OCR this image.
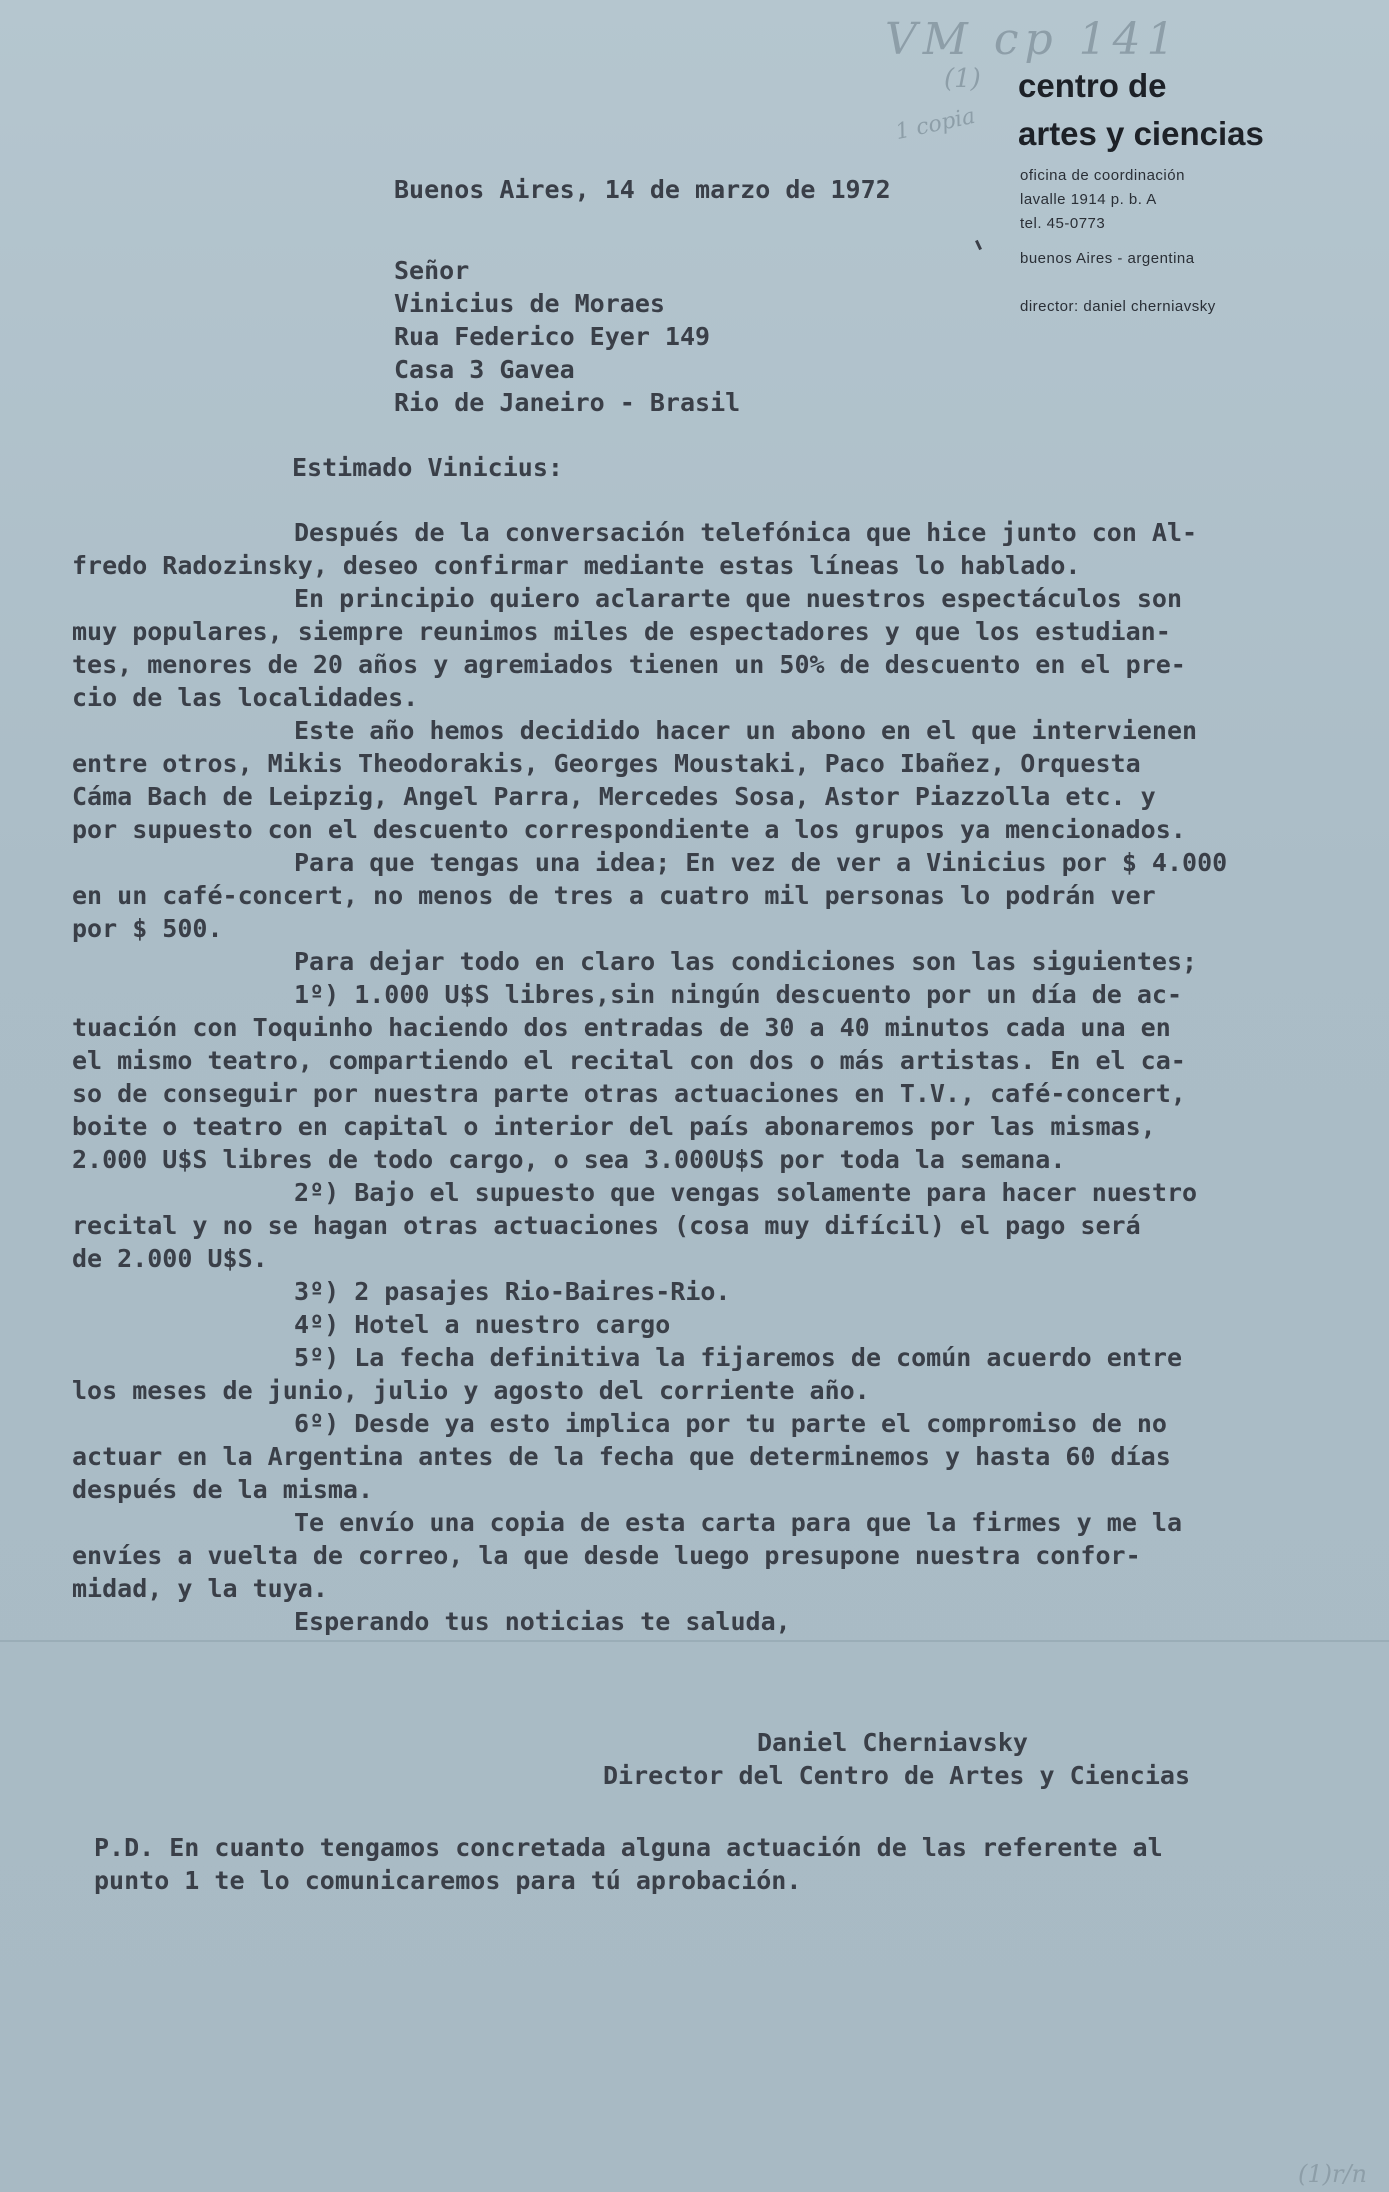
VM cp 141
(1)
1 copia
(1)r/n
centro de
artes y ciencias
oficina de coordinación
lavalle 1914 p. b. A
tel. 45-0773
buenos Aires - argentina
director: daniel cherniavsky
Buenos Aires, 14 de marzo de 1972
Señor
Vinicius de Moraes
Rua Federico Eyer 149
Casa 3 Gavea
Rio de Janeiro - Brasil
Estimado Vinicius:
Después de la conversación telefónica que hice junto con Al-
fredo Radozinsky, deseo confirmar mediante estas líneas lo hablado.
En principio quiero aclararte que nuestros espectáculos son
muy populares, siempre reunimos miles de espectadores y que los estudian-
tes, menores de 20 años y agremiados tienen un 50% de descuento en el pre-
cio de las localidades.
Este año hemos decidido hacer un abono en el que intervienen
entre otros, Mikis Theodorakis, Georges Moustaki, Paco Ibañez, Orquesta
Cáma Bach de Leipzig, Angel Parra, Mercedes Sosa, Astor Piazzolla etc. y
por supuesto con el descuento correspondiente a los grupos ya mencionados.
Para que tengas una idea; En vez de ver a Vinicius por $ 4.000
en un café-concert, no menos de tres a cuatro mil personas lo podrán ver
por $ 500.
Para dejar todo en claro las condiciones son las siguientes;
1º) 1.000 U$S libres,sin ningún descuento por un día de ac-
tuación con Toquinho haciendo dos entradas de 30 a 40 minutos cada una en
el mismo teatro, compartiendo el recital con dos o más artistas. En el ca-
so de conseguir por nuestra parte otras actuaciones en T.V., café-concert,
boite o teatro en capital o interior del país abonaremos por las mismas,
2.000 U$S libres de todo cargo, o sea 3.000U$S por toda la semana.
2º) Bajo el supuesto que vengas solamente para hacer nuestro
recital y no se hagan otras actuaciones (cosa muy difícil) el pago será
de 2.000 U$S.
3º) 2 pasajes Rio-Baires-Rio.
4º) Hotel a nuestro cargo
5º) La fecha definitiva la fijaremos de común acuerdo entre
los meses de junio, julio y agosto del corriente año.
6º) Desde ya esto implica por tu parte el compromiso de no
actuar en la Argentina antes de la fecha que determinemos y hasta 60 días
después de la misma.
Te envío una copia de esta carta para que la firmes y me la
envíes a vuelta de correo, la que desde luego presupone nuestra confor-
midad, y la tuya.
Esperando tus noticias te saluda,
Daniel Cherniavsky
Director del Centro de Artes y Ciencias
P.D. En cuanto tengamos concretada alguna actuación de las referente al
punto 1 te lo comunicaremos para tú aprobación.
